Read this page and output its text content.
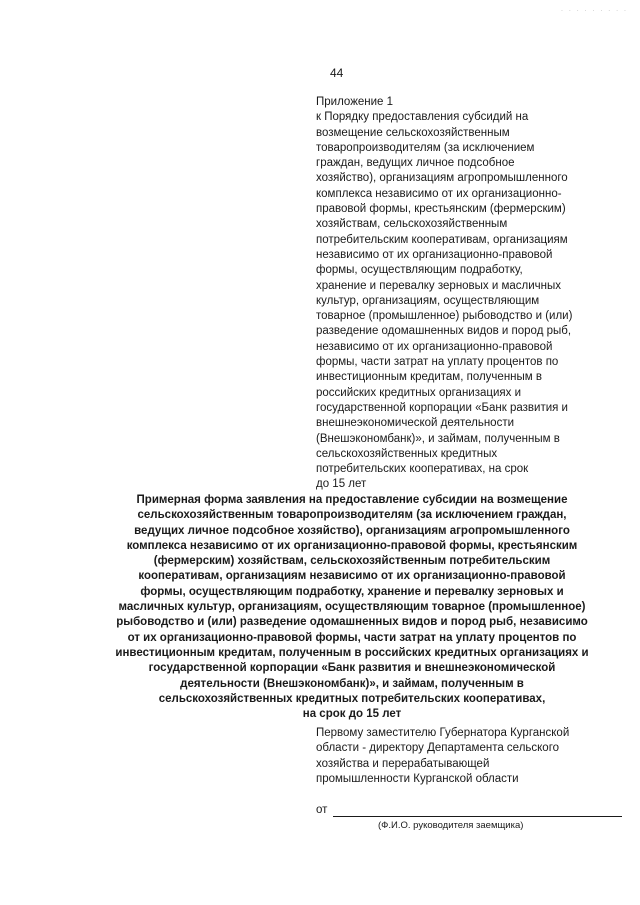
. . . . . . . . .
44
Приложение 1
к Порядку предоставления субсидий на
возмещение сельскохозяйственным
товаропроизводителям (за исключением
граждан, ведущих личное подсобное
хозяйство), организациям агропромышленного
комплекса независимо от их организационно-
правовой формы, крестьянским (фермерским)
хозяйствам, сельскохозяйственным
потребительским кооперативам, организациям
независимо от их организационно-правовой
формы, осуществляющим подработку,
хранение и перевалку зерновых и масличных
культур, организациям, осуществляющим
товарное (промышленное) рыбоводство и (или)
разведение одомашненных видов и пород рыб,
независимо от их организационно-правовой
формы, части затрат на уплату процентов по
инвестиционным кредитам, полученным в
российских кредитных организациях и
государственной корпорации «Банк развития и
внешнеэкономической деятельности
(Внешэкономбанк)», и займам, полученным в
сельскохозяйственных кредитных
потребительских кооперативах, на срок
до 15 лет
Примерная форма заявления на предоставление субсидии на возмещение
сельскохозяйственным товаропроизводителям (за исключением граждан,
ведущих личное подсобное хозяйство), организациям агропромышленного
комплекса независимо от их организационно-правовой формы, крестьянским
(фермерским) хозяйствам, сельскохозяйственным потребительским
кооперативам, организациям независимо от их организационно-правовой
формы, осуществляющим подработку, хранение и перевалку зерновых и
масличных культур, организациям, осуществляющим товарное (промышленное)
рыбоводство и (или) разведение одомашненных видов и пород рыб, независимо
от их организационно-правовой формы, части затрат на уплату процентов по
инвестиционным кредитам, полученным в российских кредитных организациях и
государственной корпорации «Банк развития и внешнеэкономической
деятельности (Внешэкономбанк)», и займам, полученным в
сельскохозяйственных кредитных потребительских кооперативах,
на срок до 15 лет
Первому заместителю Губернатора Курганской
области - директору Департамента сельского
хозяйства и перерабатывающей
промышленности Курганской области
от
(Ф.И.О. руководителя заемщика)
